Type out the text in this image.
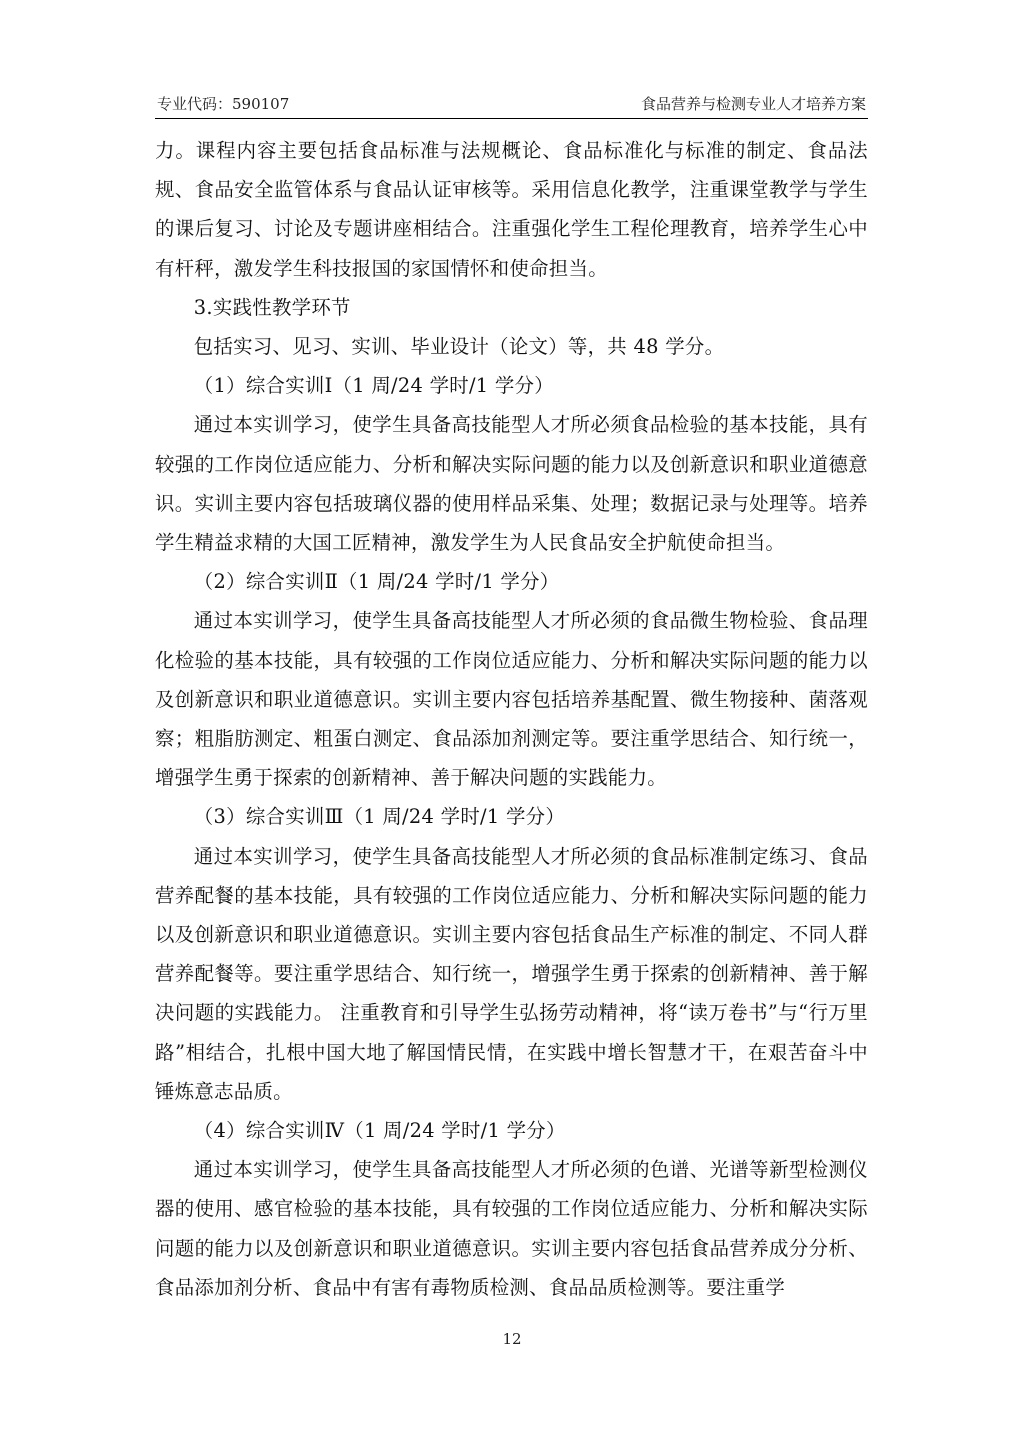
专业代码：590107	食品营养与检测专业人才培养方案

力。课程内容主要包括食品标准与法规概论、食品标准化与标准的制定、食品法规、食品安全监管体系与食品认证审核等。采用信息化教学，注重课堂教学与学生的课后复习、讨论及专题讲座相结合。注重强化学生工程伦理教育，培养学生心中有杆秤，激发学生科技报国的家国情怀和使命担当。

3.实践性教学环节

包括实习、见习、实训、毕业设计（论文）等，共 48 学分。

（1）综合实训Ⅰ（1 周/24 学时/1 学分）

通过本实训学习，使学生具备高技能型人才所必须食品检验的基本技能，具有较强的工作岗位适应能力、分析和解决实际问题的能力以及创新意识和职业道德意识。实训主要内容包括玻璃仪器的使用样品采集、处理；数据记录与处理等。培养学生精益求精的大国工匠精神，激发学生为人民食品安全护航使命担当。

（2）综合实训Ⅱ（1 周/24 学时/1 学分）

通过本实训学习，使学生具备高技能型人才所必须的食品微生物检验、食品理化检验的基本技能，具有较强的工作岗位适应能力、分析和解决实际问题的能力以及创新意识和职业道德意识。实训主要内容包括培养基配置、微生物接种、菌落观察；粗脂肪测定、粗蛋白测定、食品添加剂测定等。要注重学思结合、知行统一，增强学生勇于探索的创新精神、善于解决问题的实践能力。

（3）综合实训Ⅲ（1 周/24 学时/1 学分）

通过本实训学习，使学生具备高技能型人才所必须的食品标准制定练习、食品营养配餐的基本技能，具有较强的工作岗位适应能力、分析和解决实际问题的能力以及创新意识和职业道德意识。实训主要内容包括食品生产标准的制定、不同人群营养配餐等。要注重学思结合、知行统一，增强学生勇于探索的创新精神、善于解决问题的实践能力。 注重教育和引导学生弘扬劳动精神，将“读万卷书”与“行万里路”相结合，扎根中国大地了解国情民情，在实践中增长智慧才干，在艰苦奋斗中锤炼意志品质。

（4）综合实训Ⅳ（1 周/24 学时/1 学分）

通过本实训学习，使学生具备高技能型人才所必须的色谱、光谱等新型检测仪器的使用、感官检验的基本技能，具有较强的工作岗位适应能力、分析和解决实际问题的能力以及创新意识和职业道德意识。实训主要内容包括食品营养成分分析、食品添加剂分析、食品中有害有毒物质检测、食品品质检测等。要注重学

12
